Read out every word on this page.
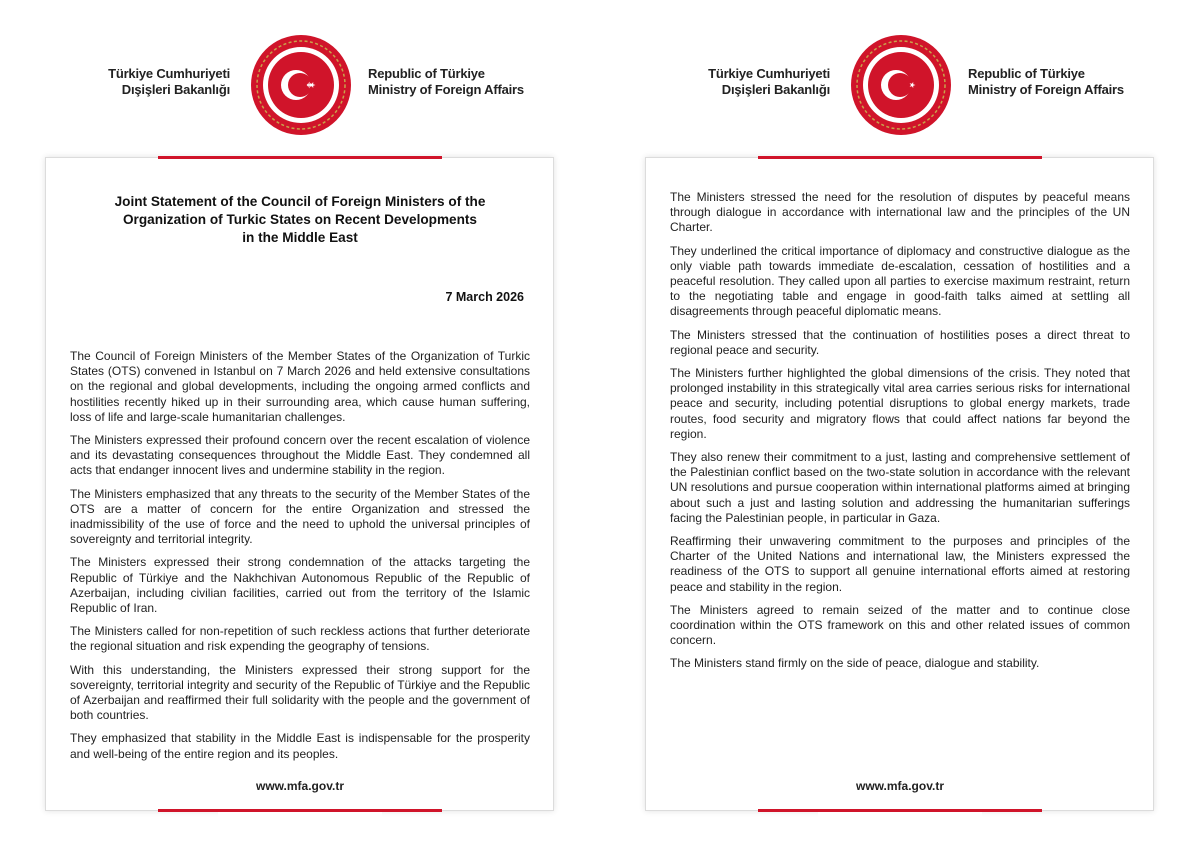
Türkiye Cumhuriyeti
Dışişleri Bakanlığı
Republic of Türkiye
Ministry of Foreign Affairs
Joint Statement of the Council of Foreign Ministers of the
Organization of Turkic States on Recent Developments
in the Middle East
7 March 2026

The Council of Foreign Ministers of the Member States of the Organization of Turkic States (OTS) convened in Istanbul on 7 March 2026 and held extensive consultations on the regional and global developments, including the ongoing armed conflicts and hostilities recently hiked up in their surrounding area, which cause human suffering, loss of life and large-scale humanitarian challenges.

The Ministers expressed their profound concern over the recent escalation of violence and its devastating consequences throughout the Middle East. They condemned all acts that endanger innocent lives and undermine stability in the region.

The Ministers emphasized that any threats to the security of the Member States of the OTS are a matter of concern for the entire Organization and stressed the inadmissibility of the use of force and the need to uphold the universal principles of sovereignty and territorial integrity.

The Ministers expressed their strong condemnation of the attacks targeting the Republic of Türkiye and the Nakhchivan Autonomous Republic of the Republic of Azerbaijan, including civilian facilities, carried out from the territory of the Islamic Republic of Iran.

The Ministers called for non-repetition of such reckless actions that further deteriorate the regional situation and risk expending the geography of tensions.

With this understanding, the Ministers expressed their strong support for the sovereignty, territorial integrity and security of the Republic of Türkiye and the Republic of Azerbaijan and reaffirmed their full solidarity with the people and the government of both countries.

They emphasized that stability in the Middle East is indispensable for the prosperity and well-being of the entire region and its peoples.

www.mfa.gov.tr
Türkiye Cumhuriyeti
Dışişleri Bakanlığı
Republic of Türkiye
Ministry of Foreign Affairs

The Ministers stressed the need for the resolution of disputes by peaceful means through dialogue in accordance with international law and the principles of the UN Charter.

They underlined the critical importance of diplomacy and constructive dialogue as the only viable path towards immediate de-escalation, cessation of hostilities and a peaceful resolution. They called upon all parties to exercise maximum restraint, return to the negotiating table and engage in good-faith talks aimed at settling all disagreements through peaceful diplomatic means.

The Ministers stressed that the continuation of hostilities poses a direct threat to regional peace and security.

The Ministers further highlighted the global dimensions of the crisis. They noted that prolonged instability in this strategically vital area carries serious risks for international peace and security, including potential disruptions to global energy markets, trade routes, food security and migratory flows that could affect nations far beyond the region.

They also renew their commitment to a just, lasting and comprehensive settlement of the Palestinian conflict based on the two-state solution in accordance with the relevant UN resolutions and pursue cooperation within international platforms aimed at bringing about such a just and lasting solution and addressing the humanitarian sufferings facing the Palestinian people, in particular in Gaza.

Reaffirming their unwavering commitment to the purposes and principles of the Charter of the United Nations and international law, the Ministers expressed the readiness of the OTS to support all genuine international efforts aimed at restoring peace and stability in the region.

The Ministers agreed to remain seized of the matter and to continue close coordination within the OTS framework on this and other related issues of common concern.

The Ministers stand firmly on the side of peace, dialogue and stability.

www.mfa.gov.tr
